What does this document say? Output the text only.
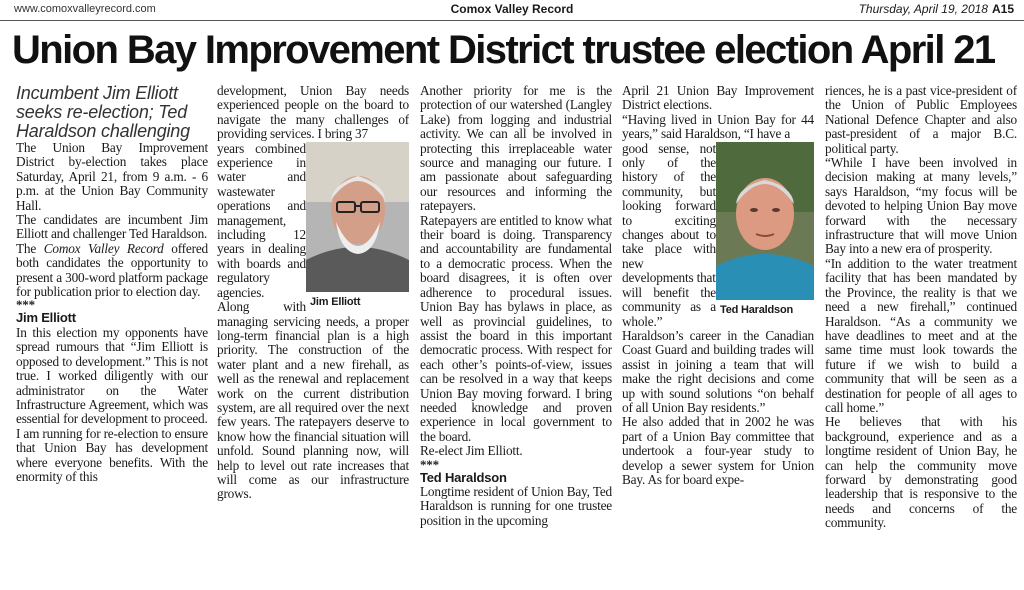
www.comoxvalleyrecord.com	Comox Valley Record	Thursday, April 19, 2018 A15
Union Bay Improvement District trustee election April 21

Incumbent Jim Elliott seeks re-election; Ted Haraldson challenging

The Union Bay Improvement District by-election takes place Saturday, April 21, from 9 a.m. - 6 p.m. at the Union Bay Community Hall.

The candidates are incumbent Jim Elliott and challenger Ted Haraldson.

The Comox Valley Record offered both candidates the opportunity to present a 300-word platform package for publication prior to election day.

***

Jim Elliott

In this election my opponents have spread rumours that “Jim Elliott is opposed to development.” This is not true. I worked diligently with our administrator on the Water Infrastructure Agreement, which was essential for development to proceed.

I am running for re-election to ensure that Union Bay has development where everyone benefits. With the enormity of this

development, Union Bay needs experienced people on the board to navigate the many challenges of providing services. I bring 37

Jim Elliott

years combined experience in water and wastewater operations and management, including 12 years in dealing with boards and regulatory agencies.

Along with managing servicing needs, a proper long-term financial plan is a high priority. The construction of the water plant and a new firehall, as well as the renewal and replacement work on the current distribution system, are all required over the next few years. The ratepayers deserve to know how the financial situation will unfold. Sound planning now, will help to level out rate increases that will come as our infrastructure grows.

Another priority for me is the protection of our watershed (Langley Lake) from logging and industrial activity. We can all be involved in protecting this irreplaceable water source and managing our future. I am passionate about safeguarding our resources and informing the ratepayers.

Ratepayers are entitled to know what their board is doing. Transparency and accountability are fundamental to a democratic process. When the board disagrees, it is often over adherence to procedural issues. Union Bay has bylaws in place, as well as provincial guidelines, to assist the board in this important democratic process. With respect for each other’s points-of-view, issues can be resolved in a way that keeps Union Bay moving forward. I bring needed knowledge and proven experience in local government to the board.

Re-elect Jim Elliott.

***

Ted Haraldson

Longtime resident of Union Bay, Ted Haraldson is running for one trustee position in the upcoming

April 21 Union Bay Improvement District elections.

“Having lived in Union Bay for 44 years,” said Haraldson, “I have a

Ted Haraldson

good sense, not only of the history of the community, but looking forward to exciting changes about to take place with new developments that

will benefit the community as a whole.”

Haraldson’s career in the Canadian Coast Guard and building trades will assist in joining a team that will make the right decisions and come up with sound solutions “on behalf of all Union Bay residents.”

He also added that in 2002 he was part of a Union Bay committee that undertook a four-year study to develop a sewer system for Union Bay. As for board expe-

riences, he is a past vice-president of the Union of Public Employees National Defence Chapter and also past-president of a major B.C. political party.

“While I have been involved in decision making at many levels,” says Haraldson, “my focus will be devoted to helping Union Bay move forward with the necessary infrastructure that will move Union Bay into a new era of prosperity.

“In addition to the water treatment facility that has been mandated by the Province, the reality is that we need a new firehall,” continued Haraldson. “As a community we have deadlines to meet and at the same time must look towards the future if we wish to build a community that will be seen as a destination for people of all ages to call home.”

He believes that with his background, experience and as a longtime resident of Union Bay, he can help the community move forward by demonstrating good leadership that is responsive to the needs and concerns of the community.
